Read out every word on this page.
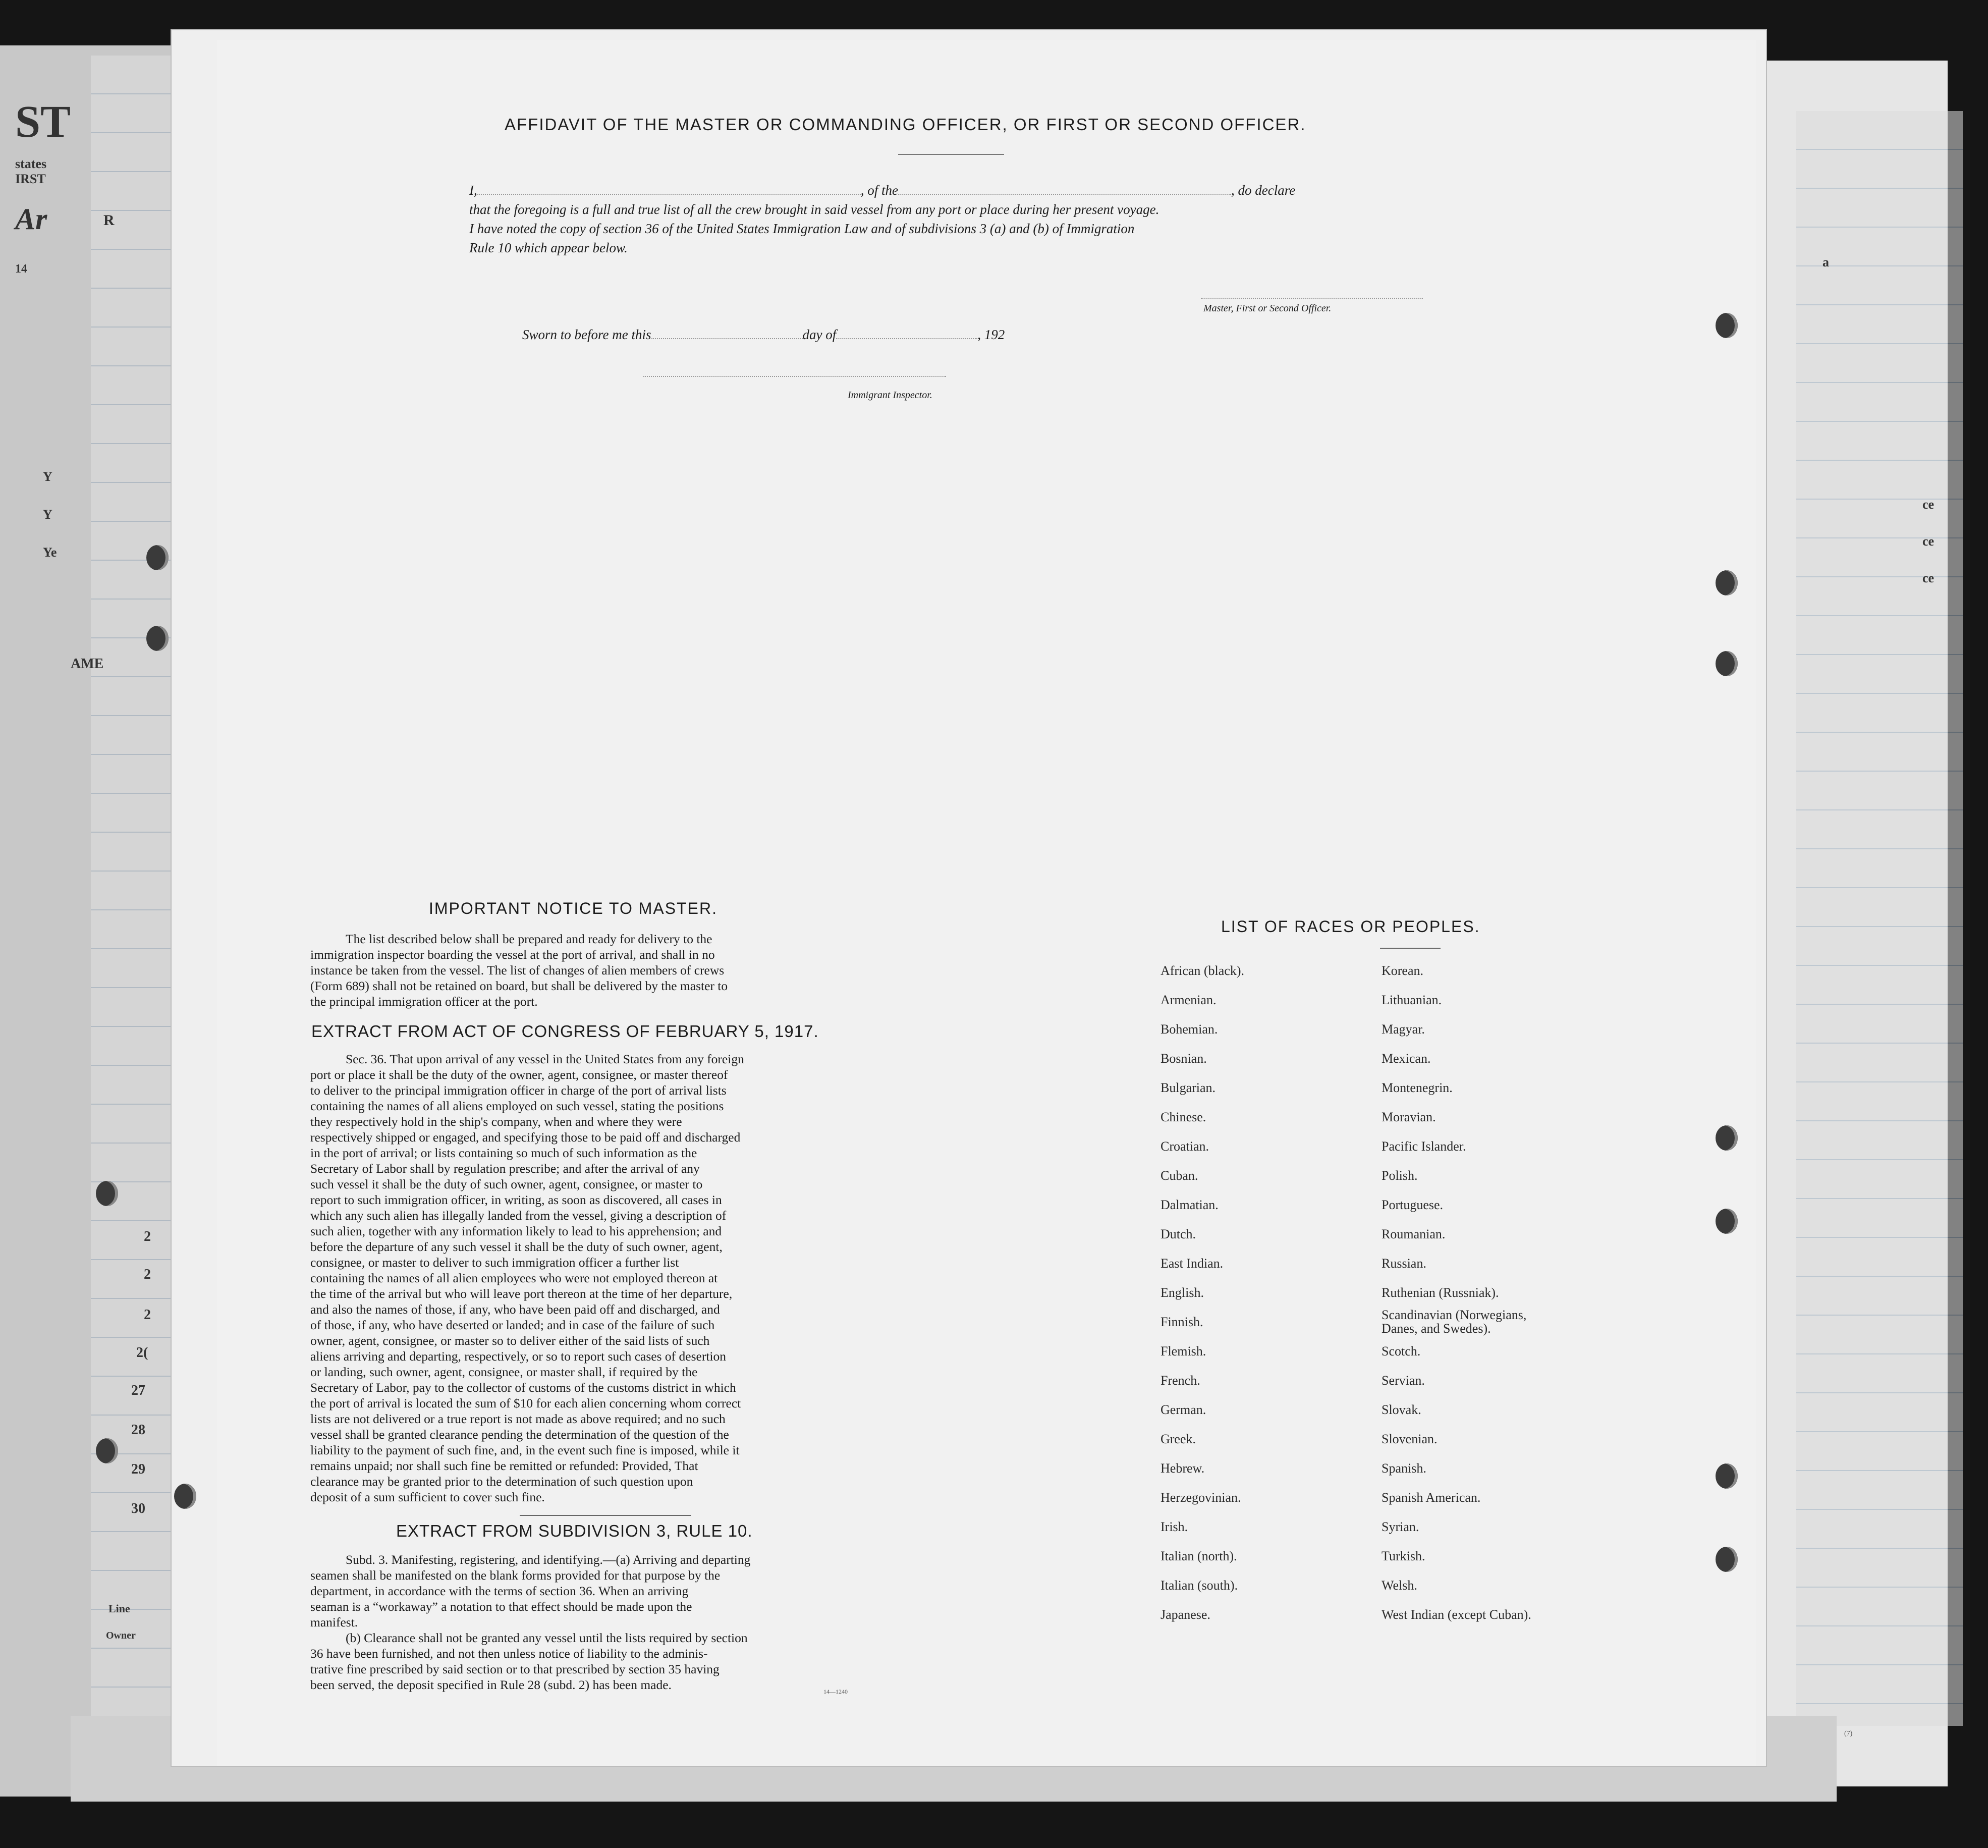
ST
states
IRST
Ar
14
R
Y
Y
Ye
AME
Line
Owner
27
28
29
30
2
2
2
2(
a
ce
ce
ce
AFFIDAVIT OF THE MASTER OR COMMANDING OFFICER, OR FIRST OR SECOND OFFICER.
I,	, of the	, do declare
that the foregoing is a full and true list of all the crew brought in said vessel from any port or place during her present voyage.
I have noted the copy of section 36 of the United States Immigration Law and of subdivisions 3 (a) and (b) of Immigration
Rule 10 which appear below.
Master, First or Second Officer.
Sworn to before me this	day of	, 192
Immigrant Inspector.
IMPORTANT NOTICE TO MASTER.
The list described below shall be prepared and ready for delivery to the
immigration inspector boarding the vessel at the port of arrival, and shall in no
instance be taken from the vessel. The list of changes of alien members of crews
(Form 689) shall not be retained on board, but shall be delivered by the master to
the principal immigration officer at the port.
EXTRACT FROM ACT OF CONGRESS OF FEBRUARY 5, 1917.
Sec. 36. That upon arrival of any vessel in the United States from any foreign
port or place it shall be the duty of the owner, agent, consignee, or master thereof
to deliver to the principal immigration officer in charge of the port of arrival lists
containing the names of all aliens employed on such vessel, stating the positions
they respectively hold in the ship's company, when and where they were
respectively shipped or engaged, and specifying those to be paid off and discharged
in the port of arrival; or lists containing so much of such information as the
Secretary of Labor shall by regulation prescribe; and after the arrival of any
such vessel it shall be the duty of such owner, agent, consignee, or master to
report to such immigration officer, in writing, as soon as discovered, all cases in
which any such alien has illegally landed from the vessel, giving a description of
such alien, together with any information likely to lead to his apprehension; and
before the departure of any such vessel it shall be the duty of such owner, agent,
consignee, or master to deliver to such immigration officer a further list
containing the names of all alien employees who were not employed thereon at
the time of the arrival but who will leave port thereon at the time of her departure,
and also the names of those, if any, who have been paid off and discharged, and
of those, if any, who have deserted or landed; and in case of the failure of such
owner, agent, consignee, or master so to deliver either of the said lists of such
aliens arriving and departing, respectively, or so to report such cases of desertion
or landing, such owner, agent, consignee, or master shall, if required by the
Secretary of Labor, pay to the collector of customs of the customs district in which
the port of arrival is located the sum of $10 for each alien concerning whom correct
lists are not delivered or a true report is not made as above required; and no such
vessel shall be granted clearance pending the determination of the question of the
liability to the payment of such fine, and, in the event such fine is imposed, while it
remains unpaid; nor shall such fine be remitted or refunded: Provided, That
clearance may be granted prior to the determination of such question upon
deposit of a sum sufficient to cover such fine.
EXTRACT FROM SUBDIVISION 3, RULE 10.
Subd. 3. Manifesting, registering, and identifying.—(a) Arriving and departing
seamen shall be manifested on the blank forms provided for that purpose by the
department, in accordance with the terms of section 36. When an arriving
seaman is a “workaway” a notation to that effect should be made upon the
manifest.
(b) Clearance shall not be granted any vessel until the lists required by section
36 have been furnished, and not then unless notice of liability to the adminis-
trative fine prescribed by said section or to that prescribed by section 35 having
been served, the deposit specified in Rule 28 (subd. 2) has been made.	14—1240
LIST OF RACES OR PEOPLES.
African (black).
Armenian.
Bohemian.
Bosnian.
Bulgarian.
Chinese.
Croatian.
Cuban.
Dalmatian.
Dutch.
East Indian.
English.
Finnish.
Flemish.
French.
German.
Greek.
Hebrew.
Herzegovinian.
Irish.
Italian (north).
Italian (south).
Japanese.
Korean.
Lithuanian.
Magyar.
Mexican.
Montenegrin.
Moravian.
Pacific Islander.
Polish.
Portuguese.
Roumanian.
Russian.
Ruthenian (Russniak).
Scandinavian (Norwegians,
Danes, and Swedes).
Scotch.
Servian.
Slovak.
Slovenian.
Spanish.
Spanish American.
Syrian.
Turkish.
Welsh.
West Indian (except Cuban).
(7)
